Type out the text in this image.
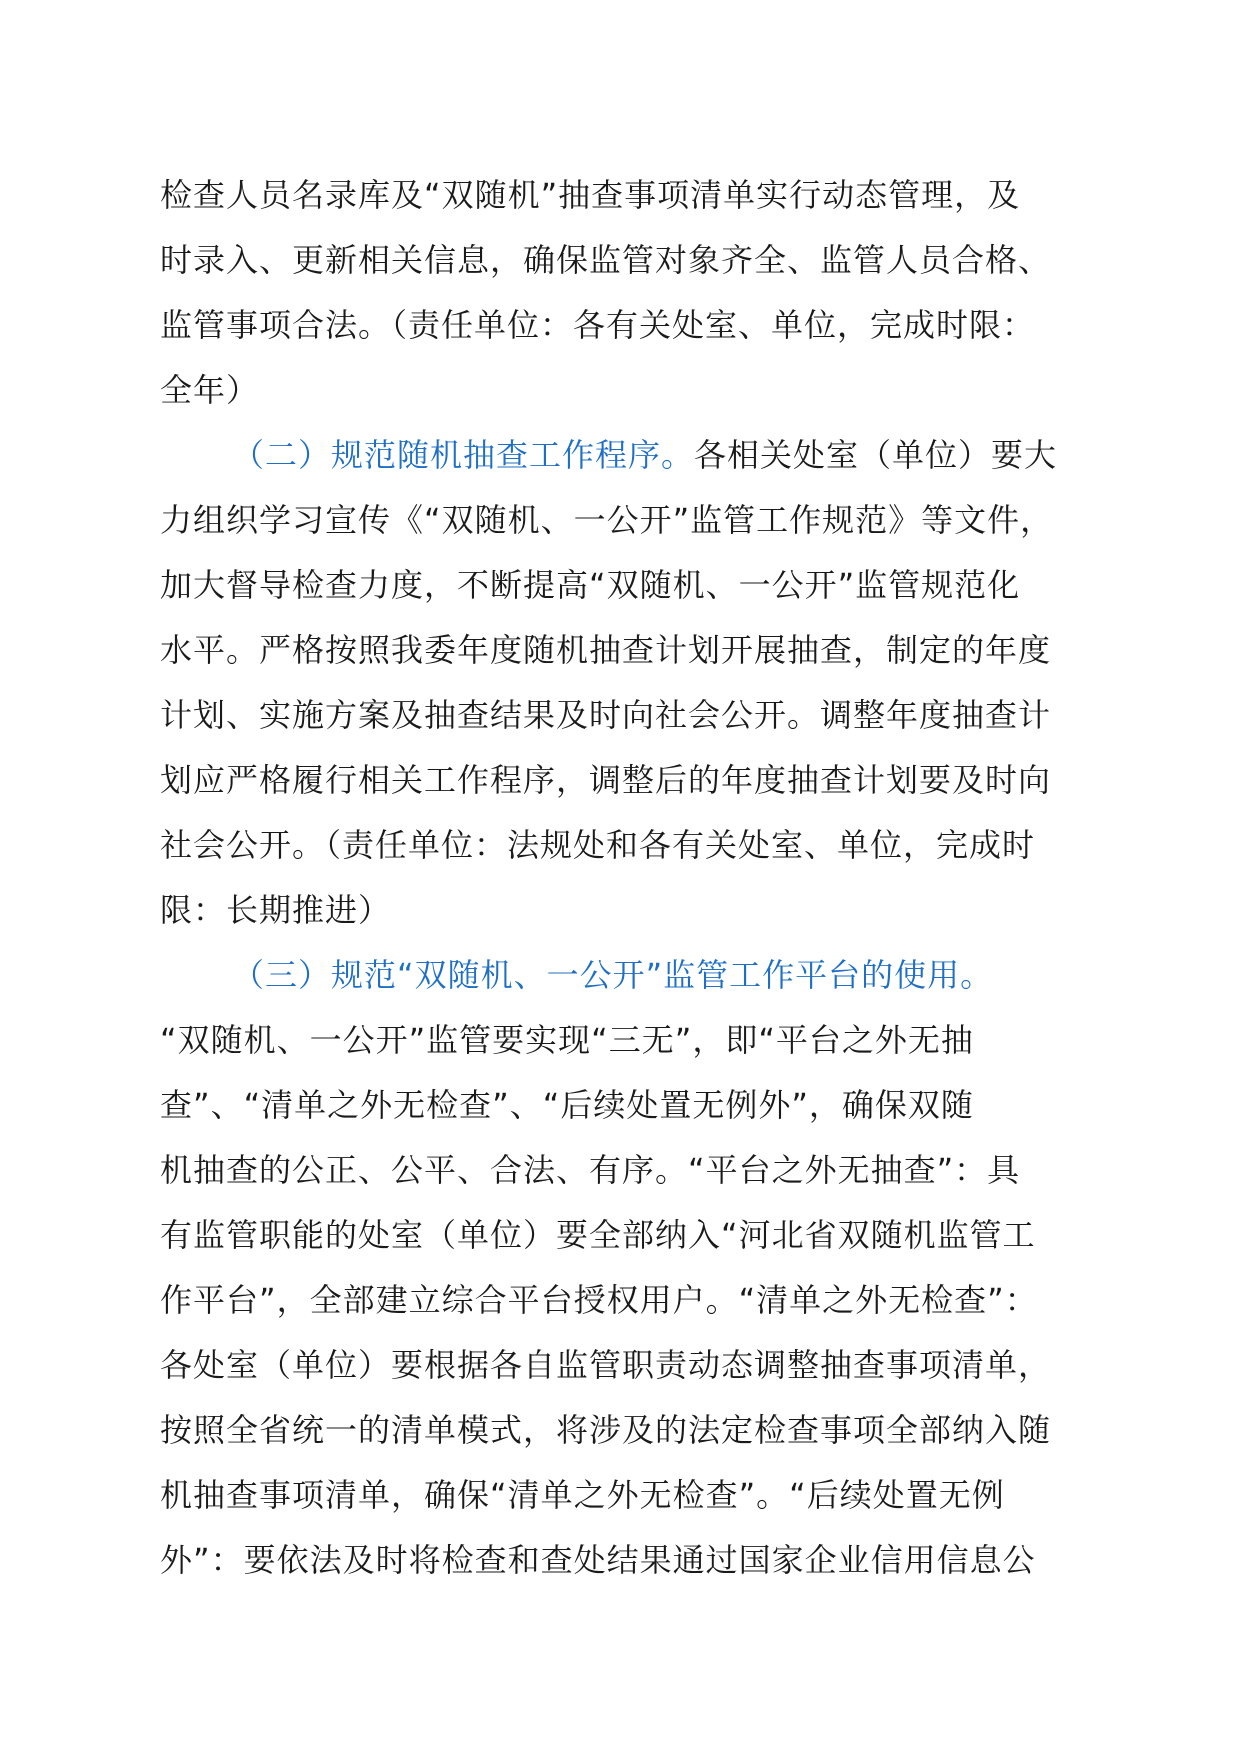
检查人员名录库及“双随机”抽查事项清单实行动态管理，及
时录入、更新相关信息，确保监管对象齐全、监管人员合格、
监管事项合法。（责任单位：各有关处室、单位，完成时限：
全年）
（二）规范随机抽查工作程序。各相关处室（单位）要大
力组织学习宣传《“双随机、一公开”监管工作规范》等文件，
加大督导检查力度，不断提高“双随机、一公开”监管规范化
水平。严格按照我委年度随机抽查计划开展抽查，制定的年度
计划、实施方案及抽查结果及时向社会公开。调整年度抽查计
划应严格履行相关工作程序，调整后的年度抽查计划要及时向
社会公开。（责任单位：法规处和各有关处室、单位，完成时
限：长期推进）
（三）规范“双随机、一公开”监管工作平台的使用。
“双随机、一公开”监管要实现“三无”，即“平台之外无抽
查”、“清单之外无检查”、“后续处置无例外”，确保双随
机抽查的公正、公平、合法、有序。“平台之外无抽查”：具
有监管职能的处室（单位）要全部纳入“河北省双随机监管工
作平台”，全部建立综合平台授权用户。“清单之外无检查”：
各处室（单位）要根据各自监管职责动态调整抽查事项清单，
按照全省统一的清单模式，将涉及的法定检查事项全部纳入随
机抽查事项清单，确保“清单之外无检查”。“后续处置无例
外”：要依法及时将检查和查处结果通过国家企业信用信息公
